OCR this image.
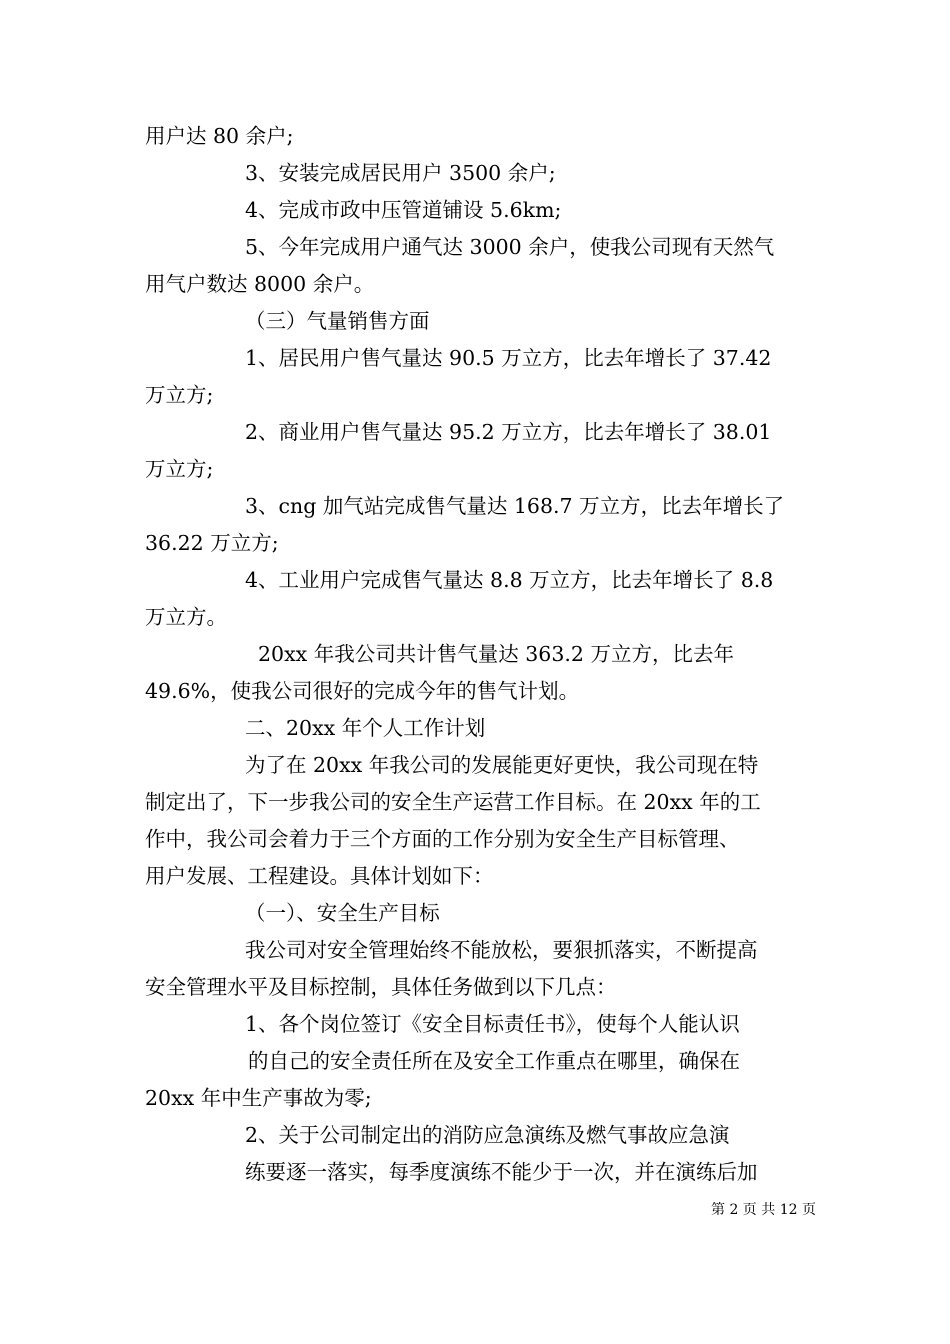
用户达 80 余户;
3、安装完成居民用户 3500 余户;
4、完成市政中压管道铺设 5.6km;
5、今年完成用户通气达 3000 余户，使我公司现有天然气
用气户数达 8000 余户。
（三）气量销售方面
1、居民用户售气量达 90.5 万立方，比去年增长了 37.42
万立方;
2、商业用户售气量达 95.2 万立方，比去年增长了 38.01
万立方;
3、cng 加气站完成售气量达 168.7 万立方，比去年增长了
36.22 万立方;
4、工业用户完成售气量达 8.8 万立方，比去年增长了 8.8
万立方。
20xx 年我公司共计售气量达 363.2 万立方，比去年
49.6%，使我公司很好的完成今年的售气计划。
二、20xx 年个人工作计划
为了在 20xx 年我公司的发展能更好更快，我公司现在特
制定出了，下一步我公司的安全生产运营工作目标。在 20xx 年的工
作中，我公司会着力于三个方面的工作分别为安全生产目标管理、
用户发展、工程建设。具体计划如下：
（一）、安全生产目标
我公司对安全管理始终不能放松，要狠抓落实，不断提高
安全管理水平及目标控制，具体任务做到以下几点：
1、各个岗位签订《安全目标责任书》，使每个人能认识
的自己的安全责任所在及安全工作重点在哪里，确保在
20xx 年中生产事故为零;
2、关于公司制定出的消防应急演练及燃气事故应急演
练要逐一落实，每季度演练不能少于一次，并在演练后加
第 2 页 共 12 页
